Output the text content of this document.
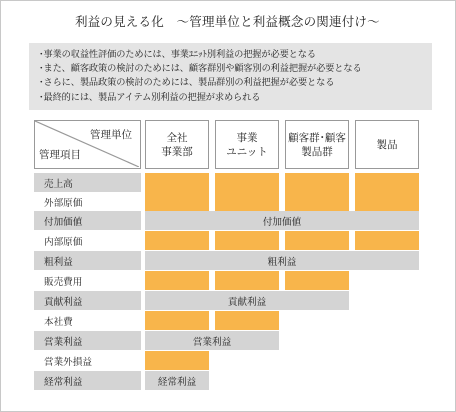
利益の見える化　～管理単位と利益概念の関連付け～
･事業の収益性評価のためには、事業ﾕﾆｯﾄ別利益の把握が必要となる
･また、顧客政策の検討のためには、顧客群別や顧客別の利益把握が必要となる
･さらに、製品政策の検討のためには、製品群別の利益把握が必要となる
･最終的には、製品アイテム別利益の把握が求められる
管理単位
管理項目
全社
事業部
事業
ユニット
顧客群･顧客
製品群
製品
売上高
外部原価
付加価値
内部原価
粗利益
販売費用
貢献利益
本社費
営業利益
営業外損益
経常利益
付加価値
粗利益
貢献利益
営業利益
経常利益
